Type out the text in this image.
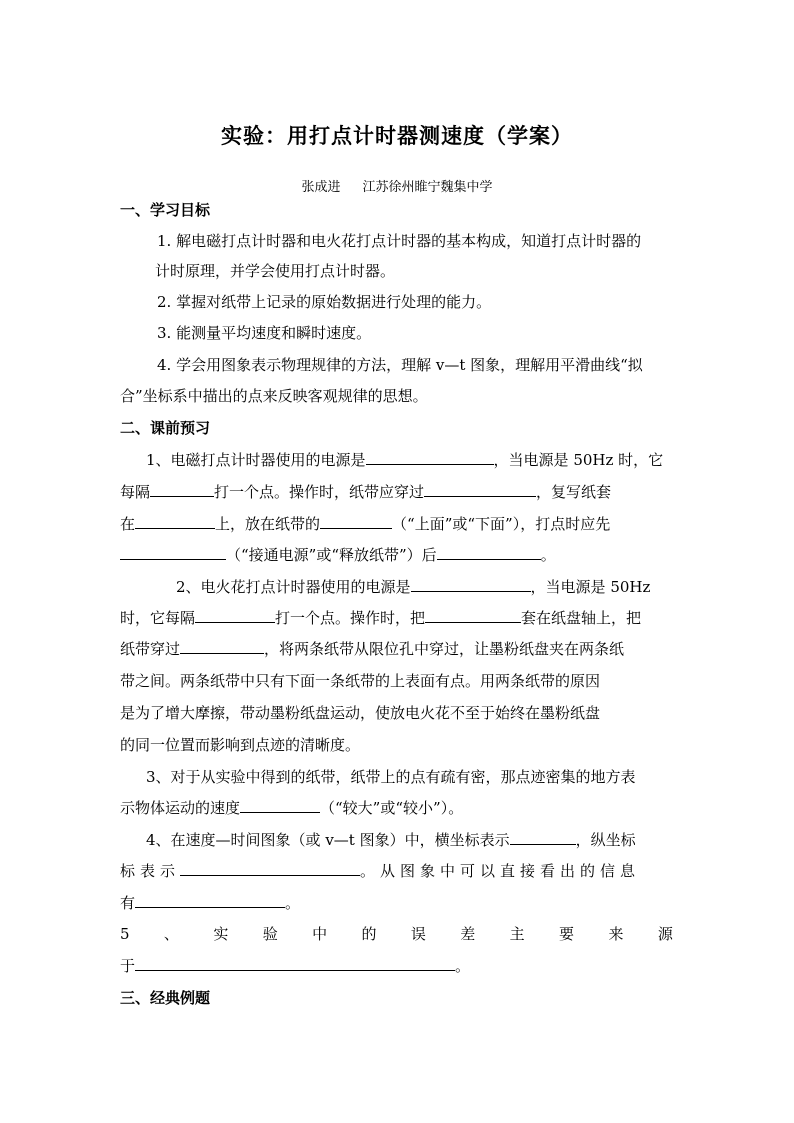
实验：用打点计时器测速度（学案）
张成进 江苏徐州睢宁魏集中学
一、学习目标
1. 解电磁打点计时器和电火花打点计时器的基本构成，知道打点计时器的
计时原理，并学会使用打点计时器。
2. 掌握对纸带上记录的原始数据进行处理的能力。
3. 能测量平均速度和瞬时速度。
4. 学会用图象表示物理规律的方法，理解 v—t 图象，理解用平滑曲线“拟
合”坐标系中描出的点来反映客观规律的思想。
二、课前预习
1、电磁打点计时器使用的电源是	，当电源是 50Hz 时，它
每隔	打一个点。操作时，纸带应穿过	，复写纸套
在	上，放在纸带的	（“上面”或“下面”），打点时应先
（“接通电源”或“释放纸带”）后	。
2、电火花打点计时器使用的电源是	，当电源是 50Hz
时，它每隔	打一个点。操作时，把	套在纸盘轴上，把
纸带穿过	，将两条纸带从限位孔中穿过，让墨粉纸盘夹在两条纸
带之间。两条纸带中只有下面一条纸带的上表面有点。用两条纸带的原因
是为了增大摩擦，带动墨粉纸盘运动，使放电火花不至于始终在墨粉纸盘
的同一位置而影响到点迹的清晰度。
3、对于从实验中得到的纸带，纸带上的点有疏有密，那点迹密集的地方表
示物体运动的速度	（“较大”或“较小”）。
4、在速度—时间图象（或 v—t 图象）中，横坐标表示	，纵坐标
标表示	。从图象中可以直接看出的信息
有	。
5 、 实 验 中 的 误 差 主 要 来 源
于	。
三、经典例题
